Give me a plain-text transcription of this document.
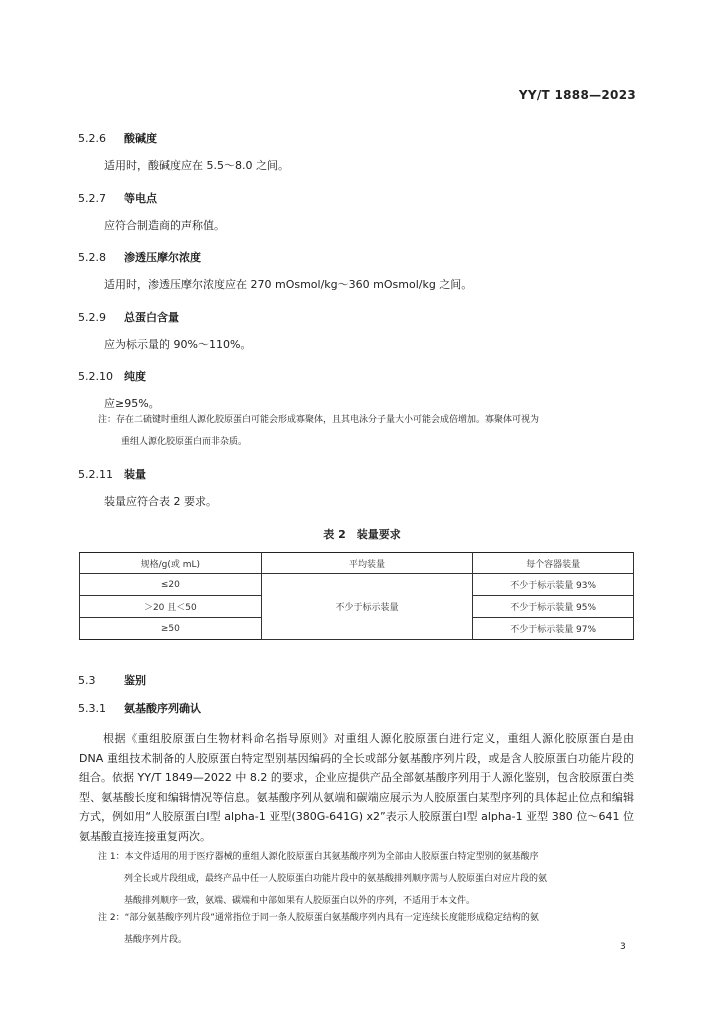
YY/T 1888—2023
5.2.6 酸碱度
适用时，酸碱度应在 5.5～8.0 之间。
5.2.7 等电点
应符合制造商的声称值。
5.2.8 渗透压摩尔浓度
适用时，渗透压摩尔浓度应在 270 mOsmol/kg～360 mOsmol/kg 之间。
5.2.9 总蛋白含量
应为标示量的 90%～110%。
5.2.10 纯度
应≥95%。
注：存在二硫键时重组人源化胶原蛋白可能会形成寡聚体，且其电泳分子量大小可能会成倍增加。寡聚体可视为
重组人源化胶原蛋白而非杂质。
5.2.11 装量
装量应符合表 2 要求。
表 2　装量要求
规格/g(或 mL)	平均装量	每个容器装量
≤20	不少于标示装量	不少于标示装量 93%
＞20 且＜50		不少于标示装量 95%
≥50		不少于标示装量 97%
5.3	鉴别
5.3.1 氨基酸序列确认
根据《重组胶原蛋白生物材料命名指导原则》对重组人源化胶原蛋白进行定义，重组人源化胶原蛋白是由 DNA 重组技术制备的人胶原蛋白特定型别基因编码的全长或部分氨基酸序列片段，或是含人胶原蛋白功能片段的组合。依据 YY/T 1849—2022 中 8.2 的要求，企业应提供产品全部氨基酸序列用于人源化鉴别，包含胶原蛋白类型、氨基酸长度和编辑情况等信息。氨基酸序列从氨端和碳端应展示为人胶原蛋白某型序列的具体起止位点和编辑方式，例如用“人胶原蛋白Ⅰ型 alpha-1 亚型(380G-641G) x2”表示人胶原蛋白Ⅰ型 alpha-1 亚型 380 位～641 位氨基酸直接连接重复两次。
注 1：本文件适用的用于医疗器械的重组人源化胶原蛋白其氨基酸序列为全部由人胶原蛋白特定型别的氨基酸序
列全长或片段组成，最终产品中任一人胶原蛋白功能片段中的氨基酸排列顺序需与人胶原蛋白对应片段的氨
基酸排列顺序一致，氨端、碳端和中部如果有人胶原蛋白以外的序列，不适用于本文件。
注 2：“部分氨基酸序列片段”通常指位于同一条人胶原蛋白氨基酸序列内具有一定连续长度能形成稳定结构的氨
基酸序列片段。
3
